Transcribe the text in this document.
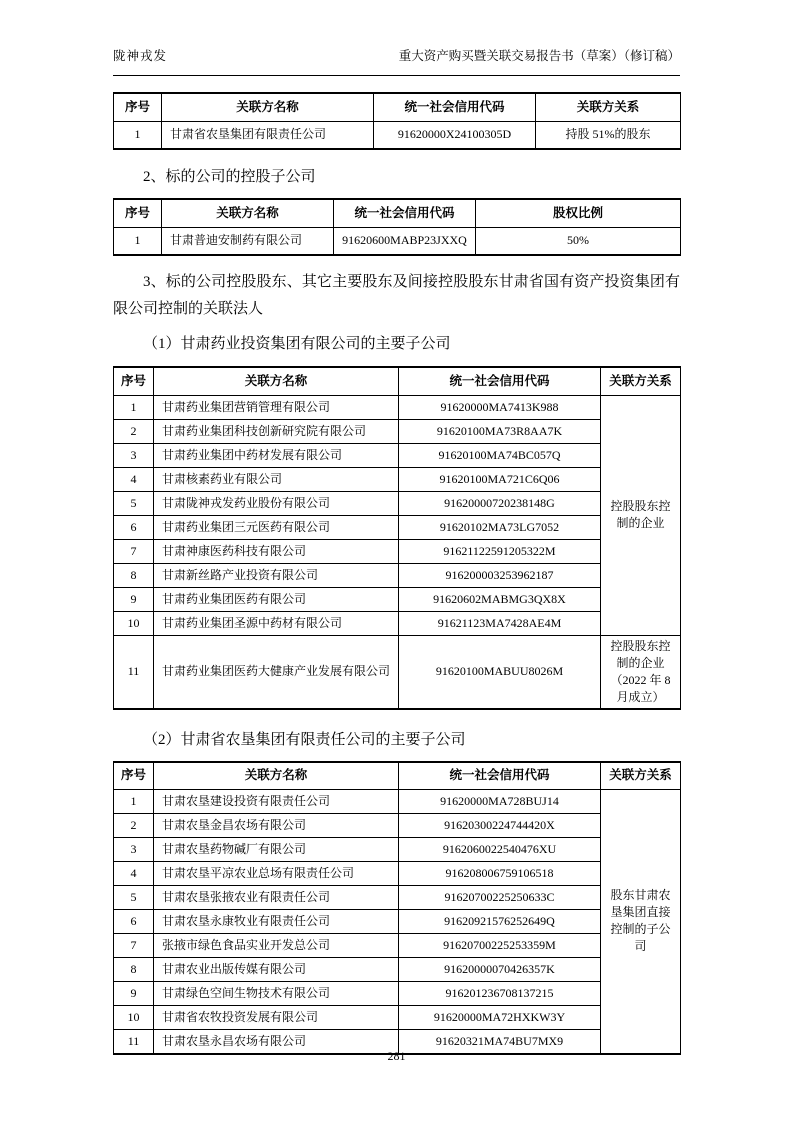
陇神戎发	重大资产购买暨关联交易报告书（草案）（修订稿）
序号	关联方名称	统一社会信用代码	关联方关系
1	甘肃省农垦集团有限责任公司	91620000X24100305D	持股 51%的股东

2、标的公司的控股子公司

序号	关联方名称	统一社会信用代码	股权比例
1	甘肃普迪安制药有限公司	91620600MABP23JXXQ	50%

3、标的公司控股股东、其它主要股东及间接控股股东甘肃省国有资产投资集团有限公司控制的关联法人

（1）甘肃药业投资集团有限公司的主要子公司

序号	关联方名称	统一社会信用代码	关联方关系
1	甘肃药业集团营销管理有限公司	91620000MA7413K988	控股股东控制的企业
2	甘肃药业集团科技创新研究院有限公司	91620100MA73R8AA7K	
3	甘肃药业集团中药材发展有限公司	91620100MA74BC057Q	
4	甘肃核素药业有限公司	91620100MA721C6Q06	
5	甘肃陇神戎发药业股份有限公司	91620000720238148G	
6	甘肃药业集团三元医药有限公司	91620102MA73LG7052	
7	甘肃神康医药科技有限公司	91621122591205322M	
8	甘肃新丝路产业投资有限公司	916200003253962187	
9	甘肃药业集团医药有限公司	91620602MABMG3QX8X	
10	甘肃药业集团圣源中药材有限公司	91621123MA7428AE4M	
11	甘肃药业集团医药大健康产业发展有限公司	91620100MABUU8026M	控股股东控制的企业（2022 年 8 月成立）

（2）甘肃省农垦集团有限责任公司的主要子公司

序号	关联方名称	统一社会信用代码	关联方关系
1	甘肃农垦建设投资有限责任公司	91620000MA728BUJ14	股东甘肃农垦集团直接控制的子公司
2	甘肃农垦金昌农场有限公司	91620300224744420X	
3	甘肃农垦药物碱厂有限公司	9162060022540476XU	
4	甘肃农垦平凉农业总场有限责任公司	916208006759106518	
5	甘肃农垦张掖农业有限责任公司	91620700225250633C	
6	甘肃农垦永康牧业有限责任公司	91620921576252649Q	
7	张掖市绿色食品实业开发总公司	91620700225253359M	
8	甘肃农业出版传媒有限公司	91620000070426357K	
9	甘肃绿色空间生物技术有限公司	916201236708137215	
10	甘肃省农牧投资发展有限公司	91620000MA72HXKW3Y	
11	甘肃农垦永昌农场有限公司	91620321MA74BU7MX9	
281
